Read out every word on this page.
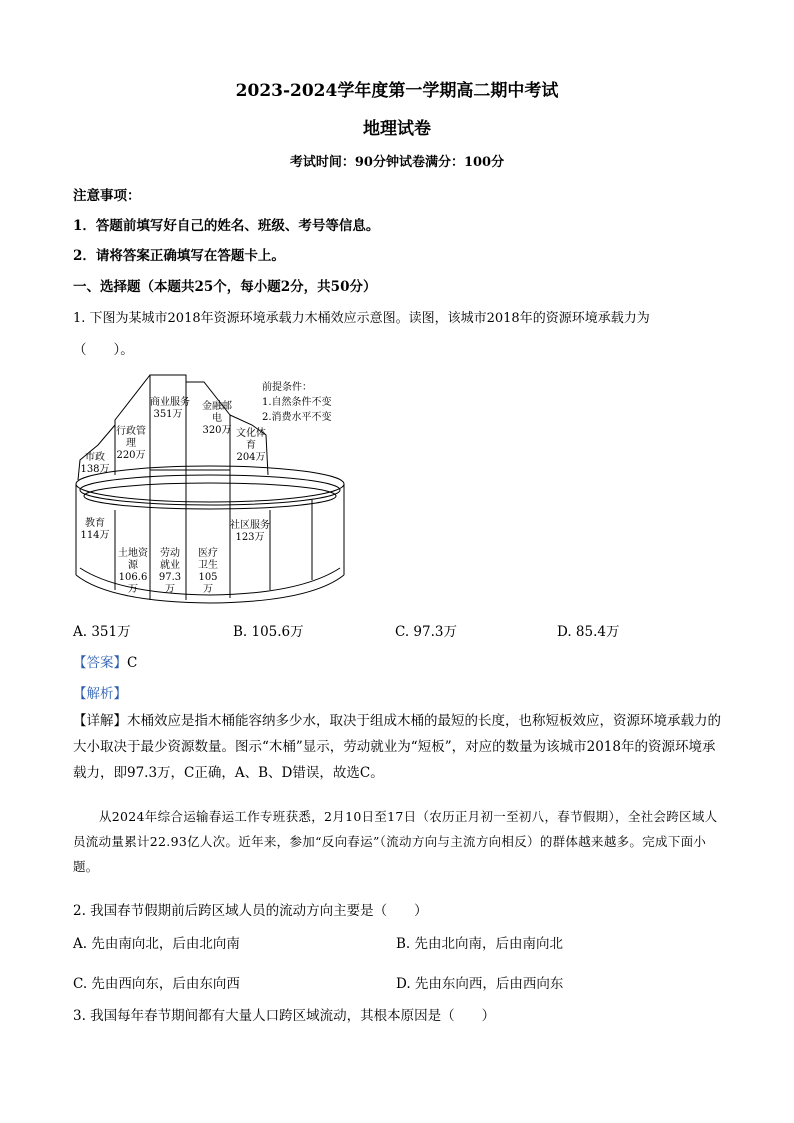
2023-2024学年度第一学期高二期中考试
地理试卷
考试时间：90分钟试卷满分：100分
注意事项：
1．答题前填写好自己的姓名、班级、考号等信息。
2．请将答案正确填写在答题卡上。
一、选择题（本题共25个，每小题2分，共50分）
1. 下图为某城市2018年资源环境承载力木桶效应示意图。读图，该城市2018年的资源环境承载力为
（　　）。
商业服务
351万
金融邮电
320万
行政管理
220万
文化体育
204万
市政
138万
教育
114万
社区服务
123万
土地资源
106.6万
劳动就业
97.3万
医疗卫生
105万
前提条件：
1.自然条件不变
2.消费水平不变
A. 351万	B. 105.6万	C. 97.3万	D. 85.4万
【答案】C
【解析】
【详解】木桶效应是指木桶能容纳多少水，取决于组成木桶的最短的长度，也称短板效应，资源环境承载力的大小取决于最少资源数量。图示“木桶”显示，劳动就业为“短板”，对应的数量为该城市2018年的资源环境承载力，即97.3万，C正确，A、B、D错误，故选C。
从2024年综合运输春运工作专班获悉，2月10日至17日（农历正月初一至初八，春节假期），全社会跨区域人员流动量累计22.93亿人次。近年来，参加“反向春运”（流动方向与主流方向相反）的群体越来越多。完成下面小题。
2. 我国春节假期前后跨区域人员的流动方向主要是（　　）
A. 先由南向北，后由北向南	B. 先由北向南，后由南向北
C. 先由西向东，后由东向西	D. 先由东向西，后由西向东
3. 我国每年春节期间都有大量人口跨区域流动，其根本原因是（　　）
